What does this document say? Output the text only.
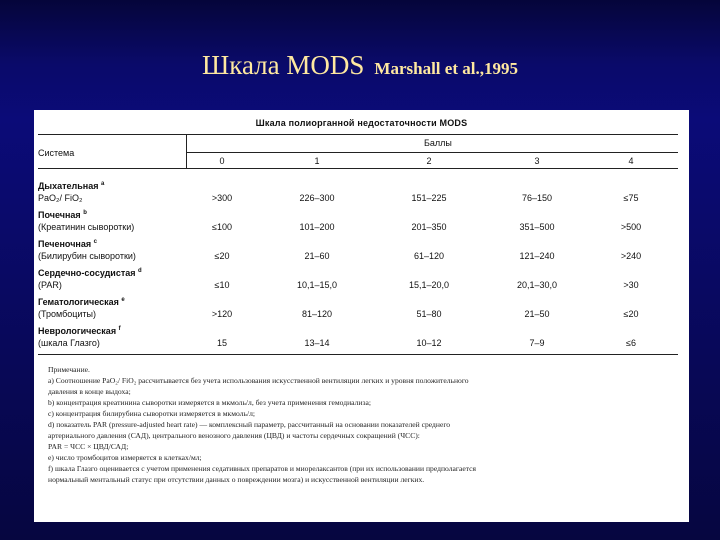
Шкала MODS Marshall et al.,1995
Шкала полиорганной недостаточности MODS
Система
Баллы
0	1	2	3	4
Дыхательная $^a$
PaO₂/ FiO₂	>300	226–300	151–225	76–150	≤75
Почечная $^b$
(Креатинин сыворотки)	≤100	101–200	201–350	351–500	>500
Печеночная $^c$
(Билирубин сыворотки)	≤20	21–60	61–120	121–240	>240
Сердечно-сосудистая $^d$
(PAR)	≤10	10,1–15,0	15,1–20,0	20,1–30,0	>30
Гематологическая $^e$
(Тромбоциты)	>120	81–120	51–80	21–50	≤20
Неврологическая $^f$
(шкала Глазго)	15	13–14	10–12	7–9	≤6

Примечание.

а) Соотношение PaO₂/ FiO₂ рассчитывается без учета использования искусственной вентиляции легких и уровня положительного

давления в конце выдоха;

b) концентрация креатинина сыворотки измеряется в мкмоль/л, без учета применения гемодиализа;

с) концентрация билирубина сыворотки измеряется в мкмоль/л;

d) показатель PAR (pressure-adjusted heart rate) — комплексный параметр, рассчитанный на основании показателей среднего

артериального давления (САД), центрального венозного давления (ЦВД) и частоты сердечных сокращений (ЧСС):

PAR = ЧСС × ЦВД/САД;

е) число тромбоцитов измеряется в клетках/мл;

f) шкала Глазго оценивается с учетом применения седативных препаратов и миорелаксантов (при их использовании предполагается

нормальный ментальный статус при отсутствии данных о повреждении мозга) и искусственной вентиляции легких.
